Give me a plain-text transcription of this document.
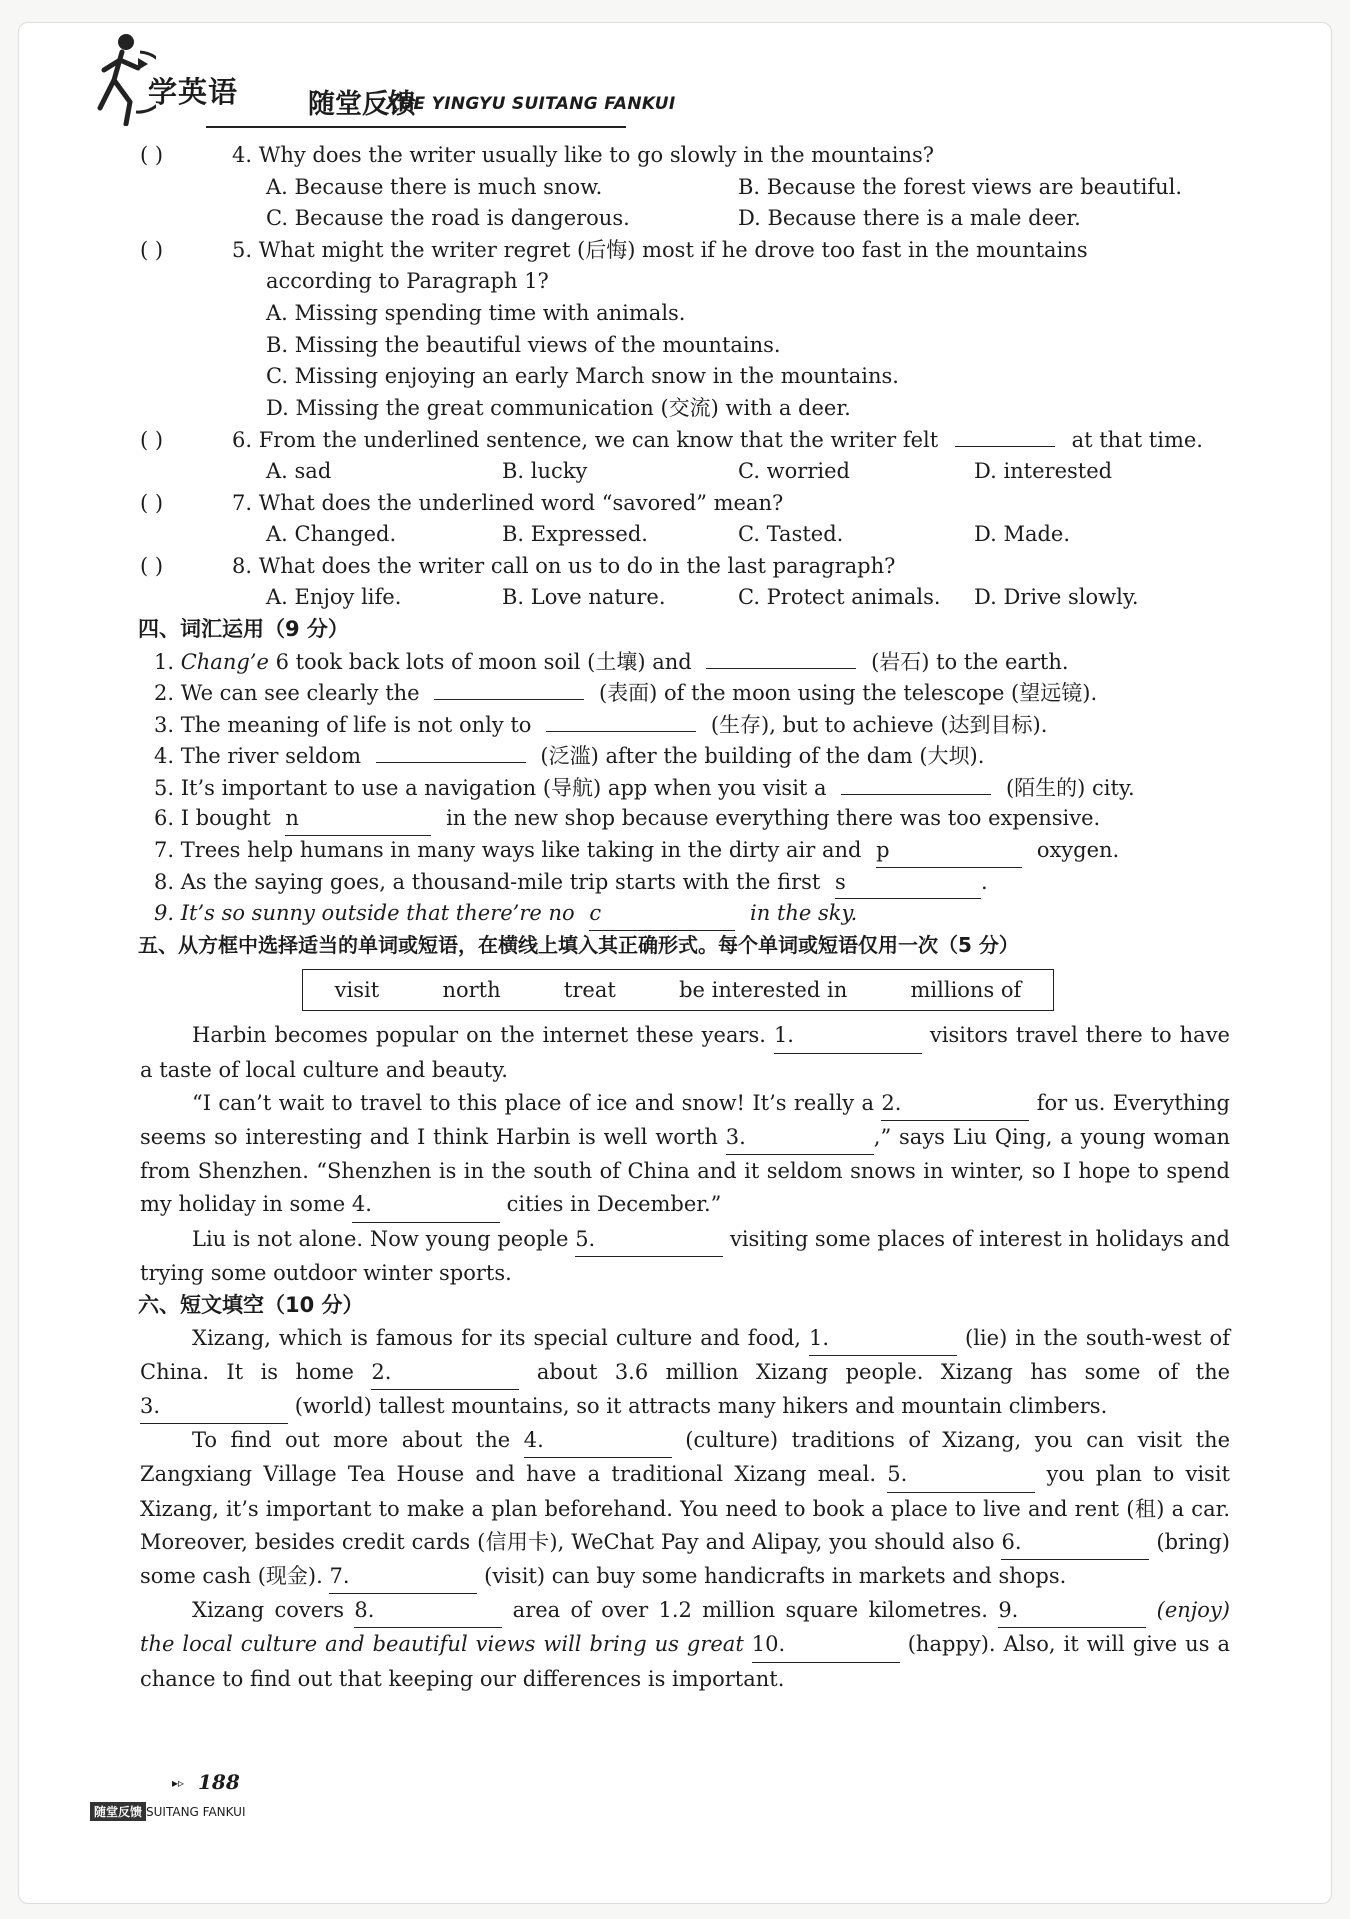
学英语	随堂反馈
XUE YINGYU SUITANG FANKUI
( )	4. Why does the writer usually like to go slowly in the mountains?
A. Because there is much snow.	B. Because the forest views are beautiful.
C. Because the road is dangerous.	D. Because there is a male deer.
( )	5. What might the writer regret (后悔) most if he drove too fast in the mountains
according to Paragraph 1?
A. Missing spending time with animals.
B. Missing the beautiful views of the mountains.
C. Missing enjoying an early March snow in the mountains.
D. Missing the great communication (交流) with a deer.
( )	6. From the underlined sentence, we can know that the writer felt	at that time.
A. sad	B. lucky	C. worried	D. interested
( )	7. What does the underlined word “savored” mean?
A. Changed.	B. Expressed.	C. Tasted.	D. Made.
( )	8. What does the writer call on us to do in the last paragraph?
A. Enjoy life.	B. Love nature.	C. Protect animals.	D. Drive slowly.
四、词汇运用（9 分）
1. Chang’e 6 took back lots of moon soil (土壤) and	(岩石) to the earth.
2. We can see clearly the	(表面) of the moon using the telescope (望远镜).
3. The meaning of life is not only to	(生存), but to achieve (达到目标).
4. The river seldom	(泛滥) after the building of the dam (大坝).
5. It’s important to use a navigation (导航) app when you visit a	(陌生的) city.
6. I bought n	in the new shop because everything there was too expensive.
7. Trees help humans in many ways like taking in the dirty air and p	oxygen.
8. As the saying goes, a thousand-mile trip starts with the first s	.
9. It’s so sunny outside that there’re no c	in the sky.
五、从方框中选择适当的单词或短语，在横线上填入其正确形式。每个单词或短语仅用一次（5 分）
visit	north	treat	be interested in	millions of
Harbin becomes popular on the internet these years. 1.	visitors travel there to have a taste of local culture and beauty.
“I can’t wait to travel to this place of ice and snow! It’s really a 2.	for us. Everything seems so interesting and I think Harbin is well worth 3.	,” says Liu Qing, a young woman from Shenzhen. “Shenzhen is in the south of China and it seldom snows in winter, so I hope to spend my holiday in some 4.	cities in December.”
Liu is not alone. Now young people 5.	visiting some places of interest in holidays and trying some outdoor winter sports.
六、短文填空（10 分）
Xizang, which is famous for its special culture and food, 1.	(lie) in the south-west of China. It is home 2.	about 3.6 million Xizang people. Xizang has some of the 3.	(world) tallest mountains, so it attracts many hikers and mountain climbers.
To find out more about the 4.	(culture) traditions of Xizang, you can visit the Zangxiang Village Tea House and have a traditional Xizang meal. 5.	you plan to visit Xizang, it’s important to make a plan beforehand. You need to book a place to live and rent (租) a car. Moreover, besides credit cards (信用卡), WeChat Pay and Alipay, you should also 6.	(bring) some cash (现金). 7.	(visit) can buy some handicrafts in markets and shops.
Xizang covers 8.	area of over 1.2 million square kilometres. 9.	(enjoy) the local culture and beautiful views will bring us great 10.	(happy). Also, it will give us a chance to find out that keeping our differences is important.
▸▹ 188
随堂反馈 SUITANG FANKUI
